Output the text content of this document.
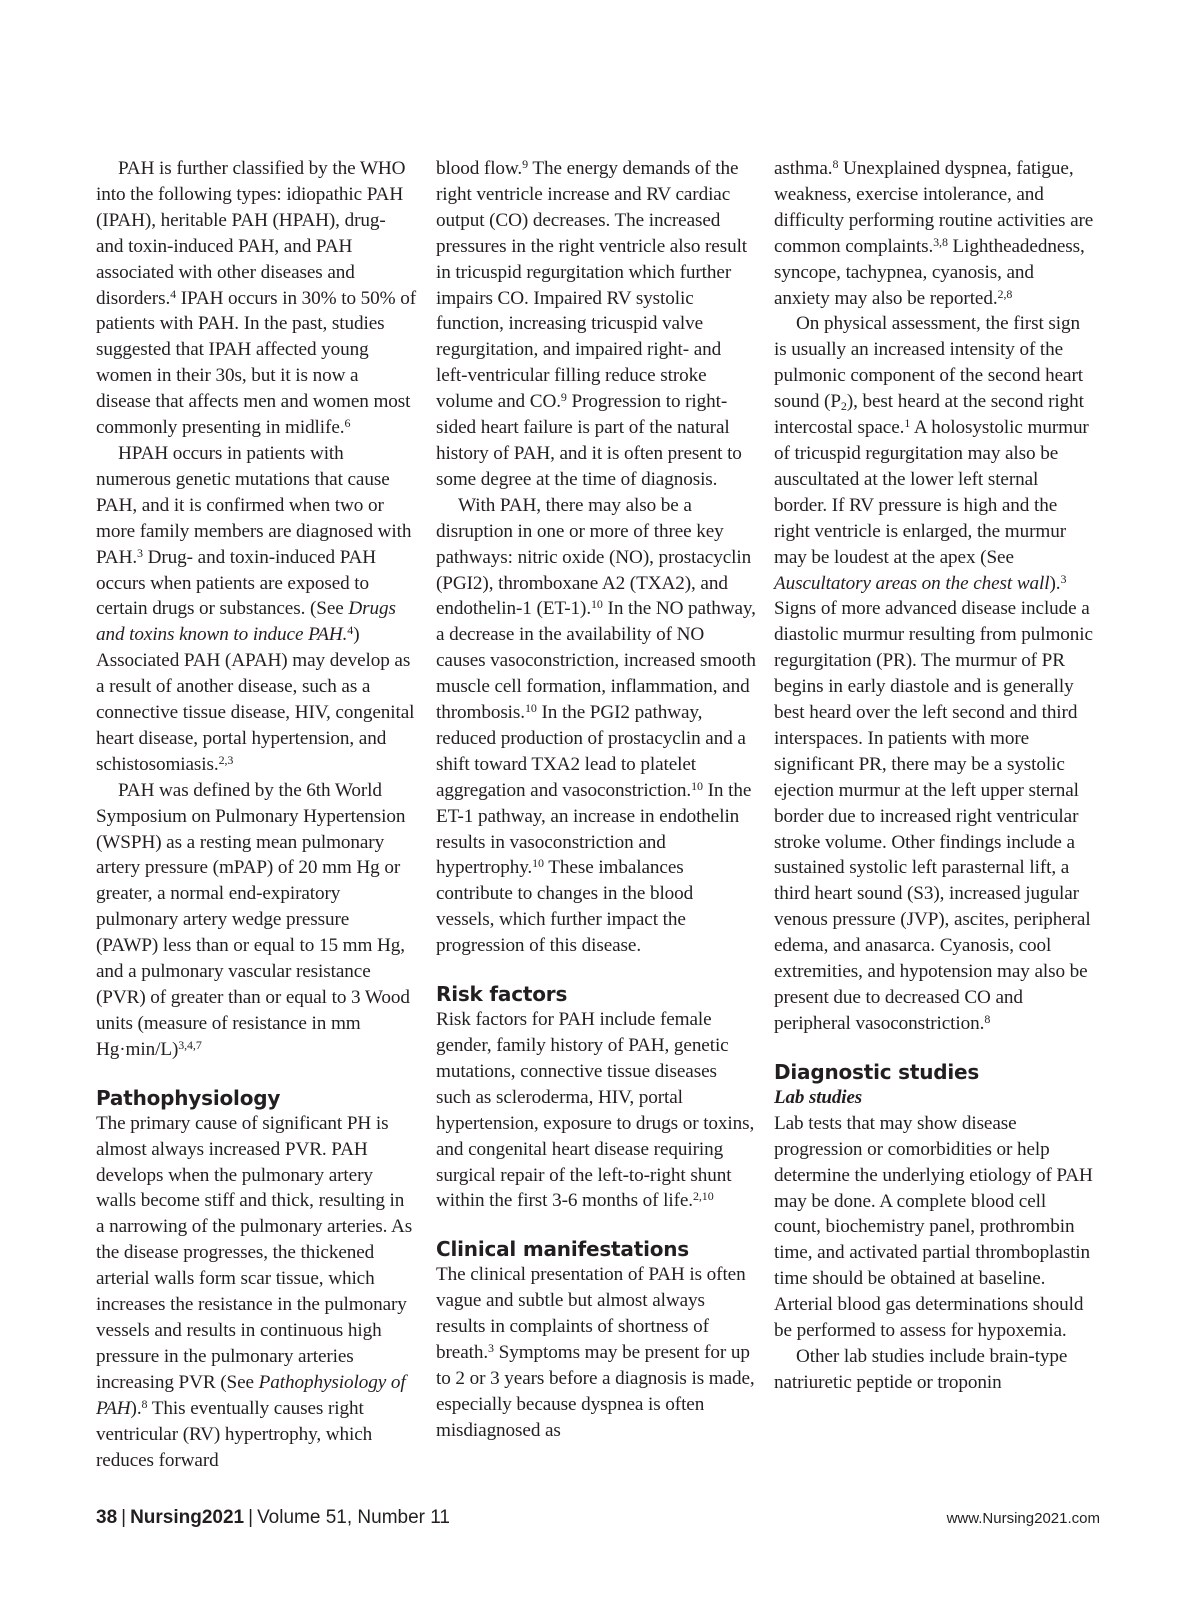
PAH is further classified by the WHO into the following types: idiopathic PAH (IPAH), heritable PAH (HPAH), drug- and toxin-induced PAH, and PAH associated with other diseases and disorders.$^4$ IPAH occurs in 30% to 50% of patients with PAH. In the past, studies suggested that IPAH affected young women in their 30s, but it is now a disease that affects men and women most commonly presenting in midlife.$^6$

HPAH occurs in patients with numerous genetic mutations that cause PAH, and it is confirmed when two or more family members are diagnosed with PAH.$^3$ Drug- and toxin-induced PAH occurs when patients are exposed to certain drugs or substances. (See Drugs and toxins known to induce PAH.$^4$) Associated PAH (APAH) may develop as a result of another disease, such as a connective tissue disease, HIV, congenital heart disease, portal hypertension, and schistosomiasis.$^{2,3}$

PAH was defined by the 6th World Symposium on Pulmonary Hypertension (WSPH) as a resting mean pulmonary artery pressure (mPAP) of 20 mm Hg or greater, a normal end-expiratory pulmonary artery wedge pressure (PAWP) less than or equal to 15 mm Hg, and a pulmonary vascular resistance (PVR) of greater than or equal to 3 Wood units (measure of resistance in mm Hg·min/L)$^{3,4,7}$

Pathophysiology

The primary cause of significant PH is almost always increased PVR. PAH develops when the pulmonary artery walls become stiff and thick, resulting in a narrowing of the pulmonary arteries. As the disease progresses, the thickened arterial walls form scar tissue, which increases the resistance in the pulmonary vessels and results in continuous high pressure in the pulmonary arteries increasing PVR (See Pathophysiology of PAH).$^8$ This eventually causes right ventricular (RV) hypertrophy, which reduces forward

blood flow.$^9$ The energy demands of the right ventricle increase and RV cardiac output (CO) decreases. The increased pressures in the right ventricle also result in tricuspid regurgitation which further impairs CO. Impaired RV systolic function, increasing tricuspid valve regurgitation, and impaired right- and left-ventricular filling reduce stroke volume and CO.$^9$ Progression to right-sided heart failure is part of the natural history of PAH, and it is often present to some degree at the time of diagnosis.

With PAH, there may also be a disruption in one or more of three key pathways: nitric oxide (NO), prostacyclin (PGI2), thromboxane A2 (TXA2), and endothelin-1 (ET-1).$^{10}$ In the NO pathway, a decrease in the availability of NO causes vasoconstriction, increased smooth muscle cell formation, inflammation, and thrombosis.$^{10}$ In the PGI2 pathway, reduced production of prostacyclin and a shift toward TXA2 lead to platelet aggregation and vasoconstriction.$^{10}$ In the ET-1 pathway, an increase in endothelin results in vasoconstriction and hypertrophy.$^{10}$ These imbalances contribute to changes in the blood vessels, which further impact the progression of this disease.

Risk factors

Risk factors for PAH include female gender, family history of PAH, genetic mutations, connective tissue diseases such as scleroderma, HIV, portal hypertension, exposure to drugs or toxins, and congenital heart disease requiring surgical repair of the left-to-right shunt within the first 3-6 months of life.$^{2,10}$

Clinical manifestations

The clinical presentation of PAH is often vague and subtle but almost always results in complaints of shortness of breath.$^3$ Symptoms may be present for up to 2 or 3 years before a diagnosis is made, especially because dyspnea is often misdiagnosed as

asthma.$^8$ Unexplained dyspnea, fatigue, weakness, exercise intolerance, and difficulty performing routine activities are common complaints.$^{3,8}$ Lightheadedness, syncope, tachypnea, cyanosis, and anxiety may also be reported.$^{2,8}$

On physical assessment, the first sign is usually an increased intensity of the pulmonic component of the second heart sound $(P_2)$, best heard at the second right intercostal space.$^1$ A holosystolic murmur of tricuspid regurgitation may also be auscultated at the lower left sternal border. If RV pressure is high and the right ventricle is enlarged, the murmur may be loudest at the apex (See Auscultatory areas on the chest wall).$^3$ Signs of more advanced disease include a diastolic murmur resulting from pulmonic regurgitation (PR). The murmur of PR begins in early diastole and is generally best heard over the left second and third interspaces. In patients with more significant PR, there may be a systolic ejection murmur at the left upper sternal border due to increased right ventricular stroke volume. Other findings include a sustained systolic left parasternal lift, a third heart sound (S3), increased jugular venous pressure (JVP), ascites, peripheral edema, and anasarca. Cyanosis, cool extremities, and hypotension may also be present due to decreased CO and peripheral vasoconstriction.$^8$

Diagnostic studies
Lab studies

Lab tests that may show disease progression or comorbidities or help determine the underlying etiology of PAH may be done. A complete blood cell count, biochemistry panel, prothrombin time, and activated partial thromboplastin time should be obtained at baseline. Arterial blood gas determinations should be performed to assess for hypoxemia.

Other lab studies include brain-type natriuretic peptide or troponin

38 | Nursing2021 | Volume 51, Number 11	www.Nursing2021.com
